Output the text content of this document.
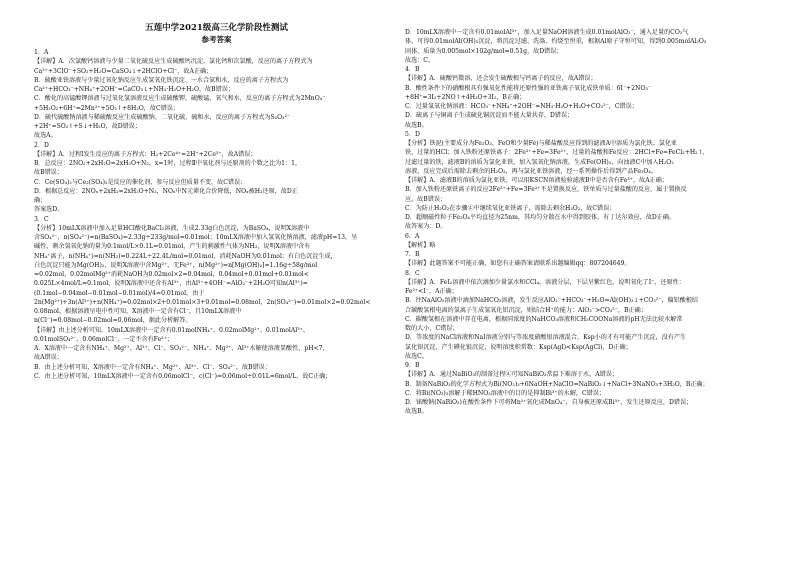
五莲中学2021级高三化学阶段性测试
参考答案
1．A
【详解】A．次氯酸钙溶液与少量二氧化硫反应生成硫酸钙沉淀、氯化钙和次氯酸，反应的离子方程式为
Ca²⁺+3ClO⁻+SO₂+H₂O=CaSO₄↓+2HClO+Cl⁻，故A正确；
B．硫酸亚铁溶液与少量过氧化钠反应生成氢氧化铁沉淀、一水合氨和水，反应的离子方程式为
Ca²⁺+HCO₃⁻+NH₄⁺+2OH⁻=CaCO₃↓+NH₃·H₂O+H₂O，故B错误；
C．酸化的高锰酸钾溶液与过氧化氢溶液反应生成硫酸钾、硫酸锰、氧气和水，反应的离子方程式为2MnO₄⁻
+5H₂O₂+6H⁺=2Mn²⁺+5O₂↑+8H₂O，故C错误；
D．硫代硫酸钠溶液与稀硫酸反应生成硫酸钠、二氧化硫、硫和水，反应的离子方程式为S₂O₃²⁻
+2H⁺=SO₂↑+S↓+H₂O，故D错误；
故选A。
2．D
【详解】A．过程Ⅰ发生反应的离子方程式：H₂+2Ce⁴⁺=2H⁺+2Ce³⁺，故A错误；
B．总反应：2NO₂+2xH₂O=2xH₂O+N₂，x=1时，过程Ⅱ中氧化剂与还原剂的个数之比为1：1，
故B错误；
C．Ce(SO₄)₂与Ce₂(SO₄)₃是反应的催化剂，参与反应但质量不变，故C错误；
D．根据总反应：2NOₓ+2xH₂=2xH₂O+N₂，NOₓ中N元素化合价降低，NOₓ被H₂还原，故D正
确；
答案选D。
3．C
【分析】10mLX溶液中加入足量HCl酸化BaCl₂溶液，生成2.33g白色沉淀，为BaSO₄，说明X溶液中
含SO₄²⁻，n(SO₄²⁻)=n(BaSO₄)=2.33g÷233g/mol=0.01mol；10mLX溶液中加入氢氧化钠溶液，滤液pH=13，呈
碱性，剩余氢氧化钠的量为0.1mol/L×0.1L=0.01mol，产生的刺激性气体为NH₃，说明X溶液中含有
NH₄⁺离子，n(NH₄⁺)=n(NH₃)=0.224L÷22.4L/mol=0.01mol，消耗NaOH为0.01mol；有白色沉淀生成，
白色沉淀只能为Mg(OH)₂，说明X溶液中含Mg²⁺、无Fe³⁺，n(Mg²⁺)=n[Mg(OH)₂]=1.16g÷58g/mol
=0.02mol，0.02molMg²⁺消耗NaOH为0.02mol×2=0.04mol，0.04mol+0.01mol+0.01mol<
0.025L×4mol/L=0.1mol，说明X溶液中还含有Al³⁺，由Al³⁺+4OH⁻=AlO₂⁻+2H₂O可知n(Al³⁺)=
(0.1mol−0.04mol−0.01mol−0.01mol)/4=0.01mol，由于
2n(Mg²⁺)+3n(Al³⁺)+n(NH₄⁺)=0.02mol×2+0.01mol×3+0.01mol=0.08mol，2n(SO₄²⁻)=0.01mol×2=0.02mol<
0.08mol，根据溶液呈电中性可知，X溶液中一定含有Cl⁻，且10mLX溶液中
n(Cl⁻)=0.08mol−0.02mol=0.06mol，据此分析解答。
【详解】由上述分析可知，10mLX溶液中一定含有0.01molNH₄⁺、0.02molMg²⁺、0.01molAl³⁺、
0.01molSO₄²⁻、0.06molCl⁻，一定不含有Fe³⁺；
A．X溶液中一定含有NH₄⁺、Mg²⁺、Al³⁺、Cl⁻、SO₄²⁻，NH₄⁺、Mg²⁺、Al³⁺水解使溶液显酸性，pH<7，
故A错误；
B．由上述分析可知，X溶液中一定含有NH₄⁺、Mg²⁺、Al³⁺、Cl⁻、SO₄²⁻，故B错误；
C．由上述分析可知，10mLX溶液中一定含有0.06molCl⁻，c(Cl⁻)=0.06mol÷0.01L=6mol/L，故C正确；
D．10mLX溶液中一定含有0.01molAl³⁺，加入足量NaOH溶液生成0.01molAlO₂⁻，通入足量的CO₂气
体，可得0.01molAl(OH)₃沉淀，将沉淀过滤、洗涤、灼烧至恒重，根据Al原子守恒可知，得到0.005molAl₂O₃
固体，质量为0.005mol×102g/mol=0.51g，故D错误；
故选：C。
4．B
【详解】A．硫酸钙微溶，还会发生硫酸根与钙离子的反应，故A错误；
B．酸性条件下的硝酸根具有强氧化性能将还原性强的亚铁离子氧化成铁单质：6I⁻+2NO₃⁻
+8H⁺=3I₂+2NO↑+4H₂O+3I₂，B正确；
C．过量氢氧化钠溶液：HCO₃⁻+NH₄⁺+2OH⁻=NH₃·H₂O+H₂O+CO₃²⁻，C错误；
D．硫离子与铜离子生成硫化铜沉淀而不能大量共存，D错误；
故选B。
5．D
【分析】铁泥(主要成分为Fe₂O₃、FeO和少量Fe)与稀盐酸反应得到的滤液A中溶质为氯化铁、氯化亚
铁、过量的HCl；加入铁粉还原铁离子：2Fe³⁺+Fe=3Fe²⁺，过量的盐酸和Fe反应：2HCl+Fe=FeCl₂+H₂↑，
过滤过量的铁，滤液B的溶质为氯化亚铁，加入氢氧化钠溶液，生成Fe(OH)₂，向浊液C中加入H₂O₂
溶液，反应完成后需除去剩余的H₂O₂，再与氯化亚铁溶液，经一系列操作后得到产品Fe₃O₄。
【详解】A．滤液B的溶质为氯化亚铁，可以用KSCN溶液检验滤液B中是否含有Fe³⁺，故A正确；
B．加入铁粉还原铁离子的反应2Fe³⁺+Fe=3Fe²⁺不是置换反应，铁单质与过量盐酸的反应，属于置换反
应，故B错误；
C．为防止H₂O₂在步骤④中继续氧化亚铁离子，需除去剩余H₂O₂，故C错误；
D．超顺磁性粒子Fe₃O₄平均直径为25nm，其均匀分散在水中得到胶体，有丁达尔效应，故D正确。
故答案为：D。
6．A
【解析】略
7．B
【详解】此题答案不可能正确，如您有正确答案请联系出题编辑qq：807204649。
8．C
【详解】A．FeI₂溶液中依次滴加少量氯水和CCl₄，溶液分层，下层呈紫红色，说明氧化了I⁻，还原性：
Fe²⁺<I⁻，A正确；
B．往NaAlO₂溶液中滴加NaHCO₃溶液，发生反应AlO₂⁻+HCO₃⁻+H₂O=Al(OH)₃↓+CO₃²⁻，偏铝酸根结
合碳酸氢根电离的氢离子生成氢氧化铝沉淀，则结合H⁺的能力：AlO₂⁻>CO₃²⁻，B正确；
C．碳酸氢根在溶液中存在电离，根据同浓度的NaHCO₃溶液和CH₃COONa溶液的pH无法比较水解常
数的大小，C错误；
D．等浓度的NaCl溶液和NaI溶液分别与等浓度硝酸银溶液混合，Ksp小的才有可能产生沉淀，没有产生
氯化银沉淀，产生碘化银沉淀，说明溶度积常数：Ksp(AgI)<Ksp(AgCl)，D正确；
故选C。
9．B
【详解】A．通过NaBiO₃的制备过程④可知NaBiO₃常温下难溶于水，A错误；
B．制备NaBiO₃的化学方程式为Bi(NO₃)₃+6NaOH+NaClO=NaBiO₃↓+NaCl+3NaNO₃+3H₂O，B正确；
C．将Bi(NO₃)₃溶解于稀HNO₃溶液中的目的是抑制Bi³⁺的水解，C错误；
D．铋酸钠(NaBiO₃)在酸性条件下可将Mn²⁺氧化成MnO₄⁻，自身被还原成Bi³⁺，发生还原反应，D错误；
故选B。
